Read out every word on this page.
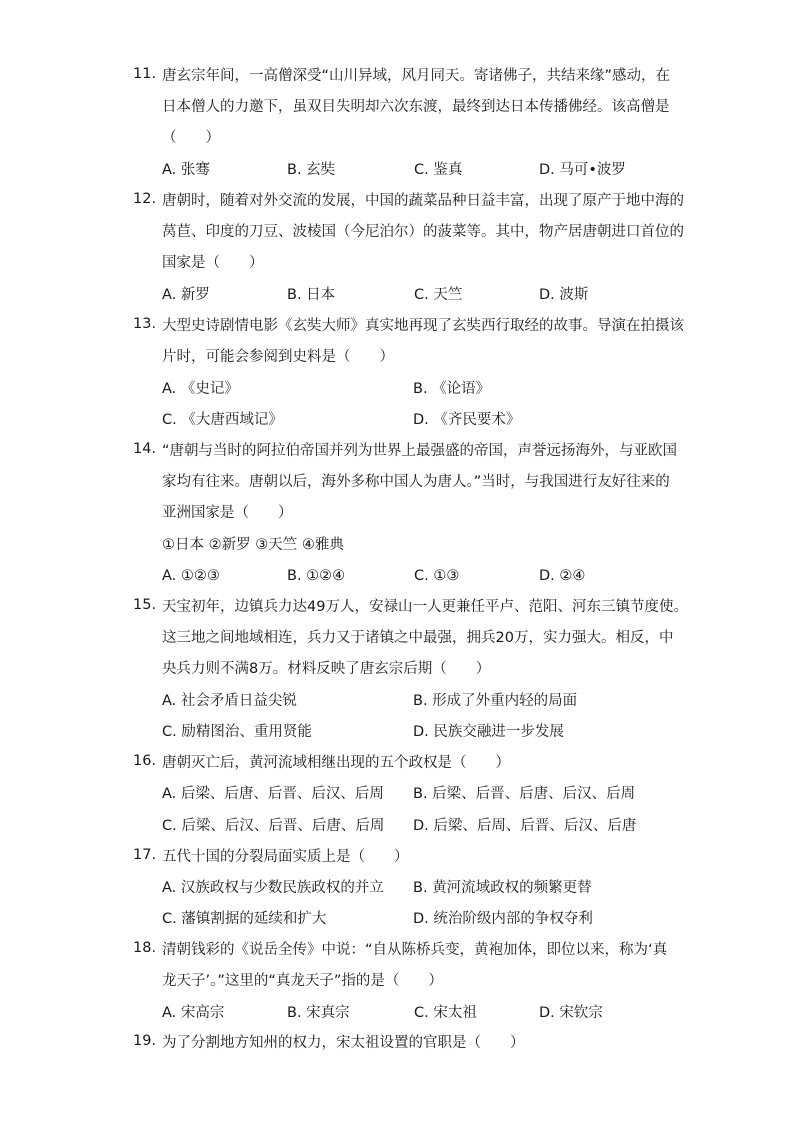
11. 唐玄宗年间，一高僧深受“山川异域，风月同天。寄诸佛子，共结来缘”感动，在
日本僧人的力邀下，虽双目失明却六次东渡，最终到达日本传播佛经。该高僧是
（　　）
A. 张骞	B. 玄奘	C. 鉴真	D. 马可•波罗
12. 唐朝时，随着对外交流的发展，中国的蔬菜品种日益丰富，出现了原产于地中海的
莴苣、印度的刀豆、波棱国（今尼泊尔）的菠菜等。其中，物产居唐朝进口首位的
国家是（　　）
A. 新罗	B. 日本	C. 天竺	D. 波斯
13. 大型史诗剧情电影《玄奘大师》真实地再现了玄奘西行取经的故事。导演在拍摄该
片时，可能会参阅到史料是（　　）
A. 《史记》	B. 《论语》
C. 《大唐西域记》	D. 《齐民要术》
14. “唐朝与当时的阿拉伯帝国并列为世界上最强盛的帝国，声誉远扬海外，与亚欧国
家均有往来。唐朝以后，海外多称中国人为唐人。”当时，与我国进行友好往来的
亚洲国家是（　　）
①日本 ②新罗 ③天竺 ④雅典
A. ①②③	B. ①②④	C. ①③	D. ②④
15. 天宝初年，边镇兵力达49万人，安禄山一人更兼任平卢、范阳、河东三镇节度使。
这三地之间地域相连，兵力又于诸镇之中最强，拥兵20万，实力强大。相反，中
央兵力则不满8万。材料反映了唐玄宗后期（　　）
A. 社会矛盾日益尖锐	B. 形成了外重内轻的局面
C. 励精图治、重用贤能	D. 民族交融进一步发展
16. 唐朝灭亡后，黄河流域相继出现的五个政权是（　　）
A. 后梁、后唐、后晋、后汉、后周 B. 后梁、后晋、后唐、后汉、后周
C. 后梁、后汉、后晋、后唐、后周 D. 后梁、后周、后晋、后汉、后唐
17. 五代十国的分裂局面实质上是（　　）
A. 汉族政权与少数民族政权的并立 B. 黄河流域政权的频繁更替
C. 藩镇割据的延续和扩大	D. 统治阶级内部的争权夺利
18. 清朝钱彩的《说岳全传》中说：“自从陈桥兵变，黄袍加体，即位以来，称为‘真
龙天子’。”这里的“真龙天子”指的是（　　）
A. 宋高宗	B. 宋真宗	C. 宋太祖	D. 宋钦宗
19. 为了分割地方知州的权力，宋太祖设置的官职是（　　）
